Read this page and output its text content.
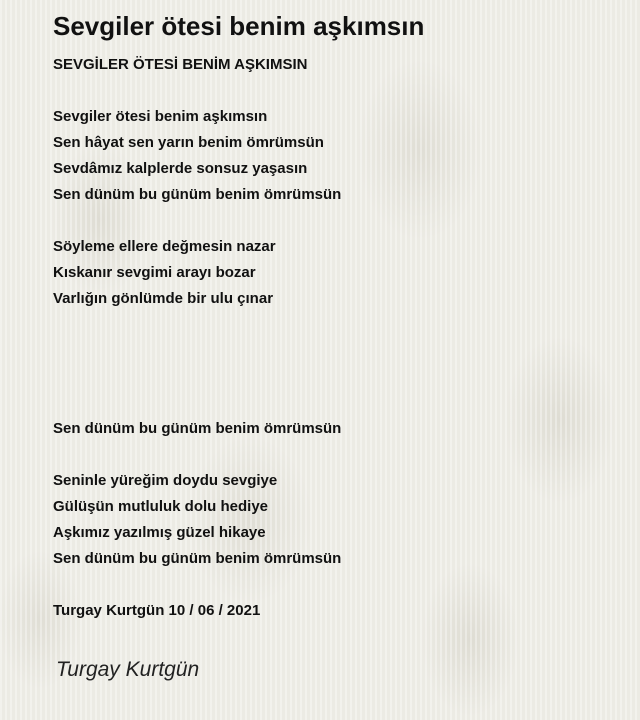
Sevgiler ötesi benim aşkımsın
SEVGİLER ÖTESİ BENİM AŞKIMSIN
Sevgiler ötesi benim aşkımsın
Sen hâyat sen yarın benim ömrümsün
Sevdâmız kalplerde sonsuz yaşasın
Sen dünüm bu günüm benim ömrümsün
Söyleme ellere değmesin nazar
Kıskanır sevgimi arayı bozar
Varlığın gönlümde bir ulu çınar
Sen dünüm bu günüm benim ömrümsün
Seninle yüreğim doydu sevgiye
Gülüşün mutluluk dolu hediye
Aşkımız yazılmış güzel hikaye
Sen dünüm bu günüm benim ömrümsün
Turgay Kurtgün 10 / 06 / 2021
Turgay Kurtgün
